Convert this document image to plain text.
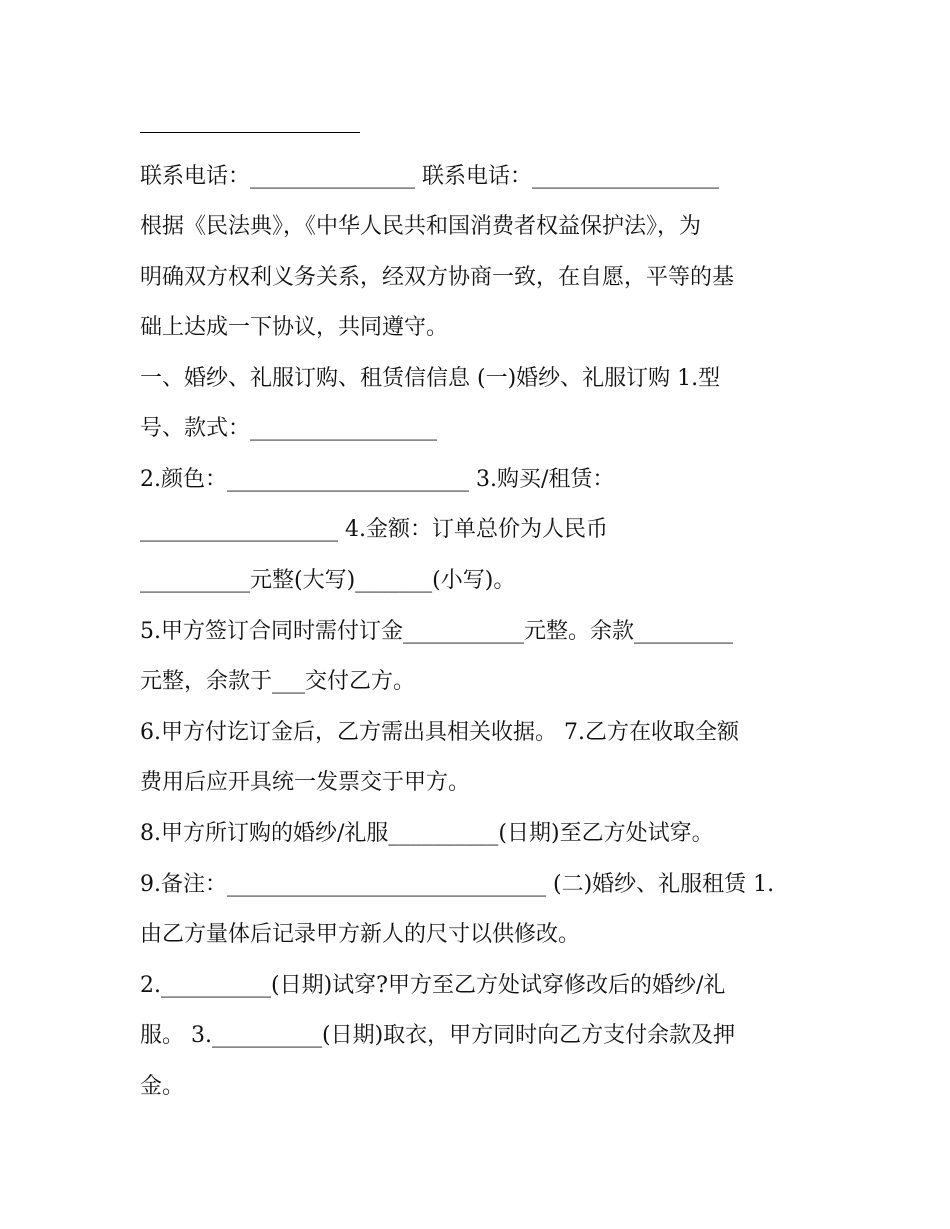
联系电话：_______________ 联系电话：_________________
根据《民法典》，《中华人民共和国消费者权益保护法》，为
明确双方权利义务关系，经双方协商一致，在自愿，平等的基
础上达成一下协议，共同遵守。
一、婚纱、礼服订购、租赁信信息 (一)婚纱、礼服订购 1.型
号、款式：_________________
2.颜色：______________________ 3.购买/租赁：
__________________ 4.金额：订单总价为人民币
__________元整(大写)_______(小写)。
5.甲方签订合同时需付订金___________元整。余款_________
元整，余款于___交付乙方。
6.甲方付讫订金后，乙方需出具相关收据。 7.乙方在收取全额
费用后应开具统一发票交于甲方。
8.甲方所订购的婚纱/礼服__________(日期)至乙方处试穿。
9.备注：_____________________________ (二)婚纱、礼服租赁 1.
由乙方量体后记录甲方新人的尺寸以供修改。
2.__________(日期)试穿?甲方至乙方处试穿修改后的婚纱/礼
服。 3.__________(日期)取衣，甲方同时向乙方支付余款及押
金。
